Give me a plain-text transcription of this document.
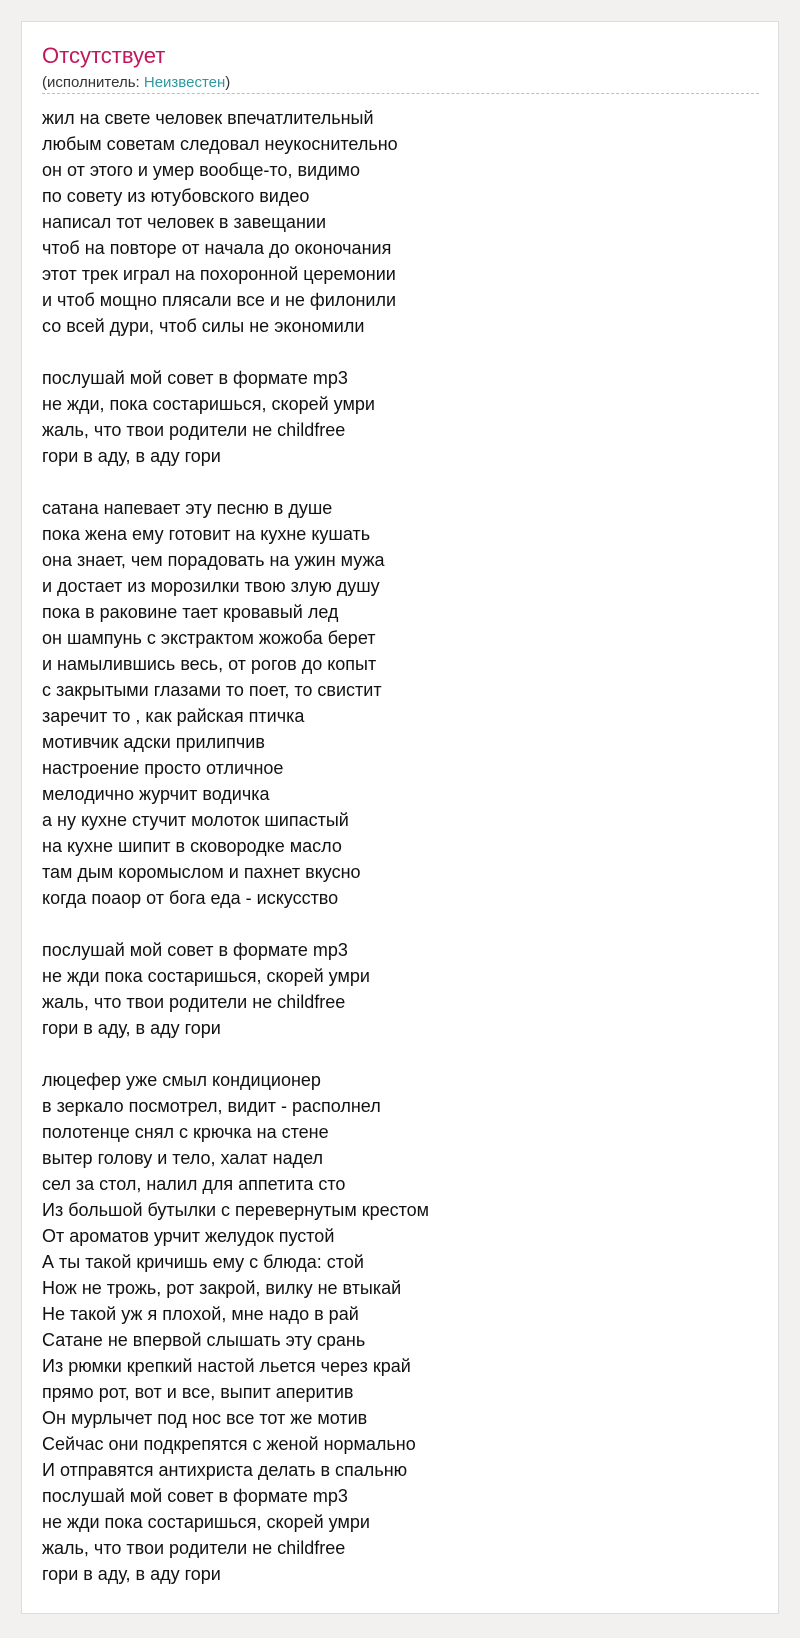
Отсутствует
(исполнитель: Неизвестен)
жил на свете человек впечатлительный
любым советам следовал неукоснительно
он от этого и умер вообще-то, видимо
по совету из ютубовского видео
написал тот человек в завещании
чтоб на повторе от начала до оконочания
этот трек играл на похоронной церемонии
и чтоб мощно плясали все и не филонили
со всей дури, чтоб силы не экономили
послушай мой совет в формате mp3
не жди, пока состаришься, скорей умри
жаль, что твои родители не childfree
гори в аду, в аду гори
сатана напевает эту песню в душе
пока жена ему готовит на кухне кушать
она знает, чем порадовать на ужин мужа
и достает из морозилки твою злую душу
пока в раковине тает кровавый лед
он шампунь с экстрактом жожоба берет
и намылившись весь, от рогов до копыт
с закрытыми глазами то поет, то свистит
заречит то , как райская птичка
мотивчик адски прилипчив
настроение просто отличное
мелодично журчит водичка
а ну кухне стучит молоток шипастый
на кухне шипит в сковородке масло
там дым коромыслом и пахнет вкусно
когда поаор от бога еда - искусство
послушай мой совет в формате mp3
не жди пока состаришься, скорей умри
жаль, что твои родители не childfree
гори в аду, в аду гори
люцефер уже смыл кондиционер
в зеркало посмотрел, видит - располнел
полотенце снял с крючка на стене
вытер голову и тело, халат надел
сел за стол, налил для аппетита сто
Из большой бутылки с перевернутым крестом
От ароматов урчит желудок пустой
А ты такой кричишь ему с блюда: стой
Нож не трожь, рот закрой, вилку не втыкай
Не такой уж я плохой, мне надо в рай
Сатане не впервой слышать эту срань
Из рюмки крепкий настой льется через край
прямо рот, вот и все, выпит аперитив
Он мурлычет под нос все тот же мотив
Сейчас они подкрепятся с женой нормально
И отправятся антихриста делать в спальню
послушай мой совет в формате mp3
не жди пока состаришься, скорей умри
жаль, что твои родители не childfree
гори в аду, в аду гори
